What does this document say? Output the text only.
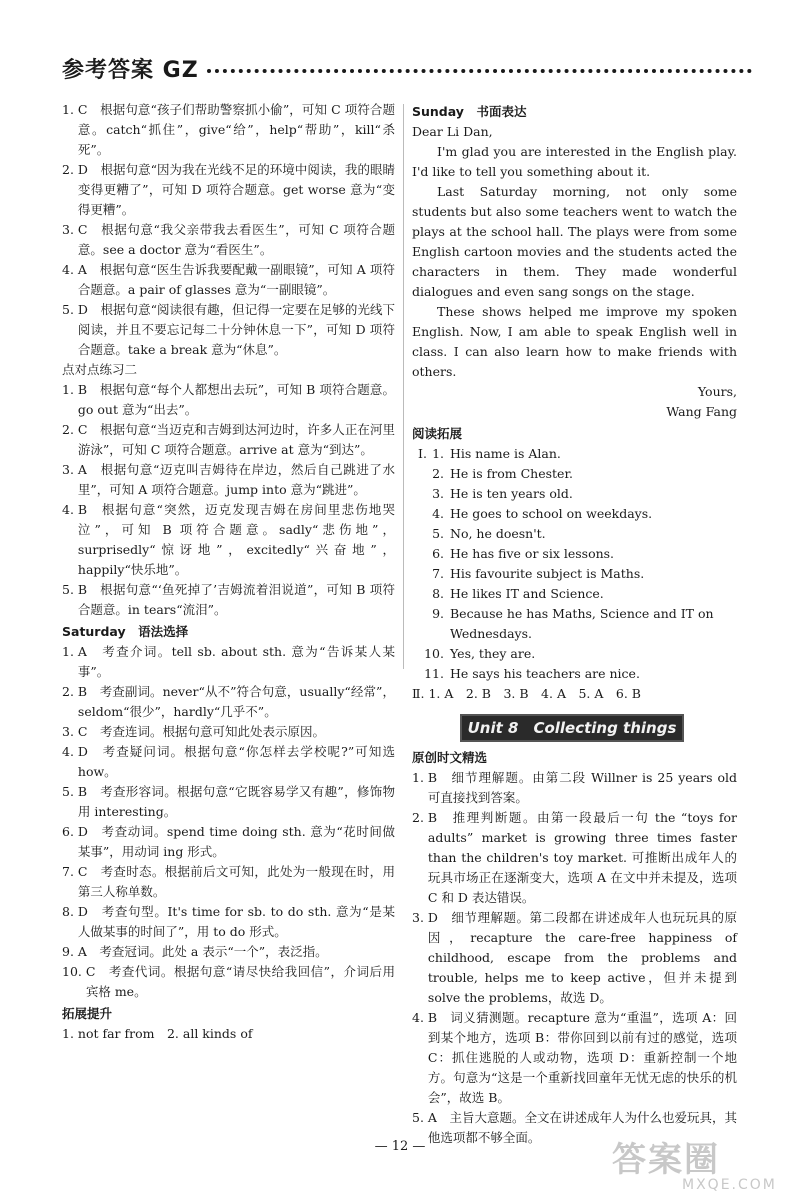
参考答案 GZ
1. C　根据句意“孩子们帮助警察抓小偷”，可知 C 项符合题意。catch“抓住”，give“给”，help“帮助”，kill“杀死”。
2. D　根据句意“因为我在光线不足的环境中阅读，我的眼睛变得更糟了”，可知 D 项符合题意。get worse 意为“变得更糟”。
3. C　根据句意“我父亲带我去看医生”，可知 C 项符合题意。see a doctor 意为“看医生”。
4. A　根据句意“医生告诉我要配戴一副眼镜”，可知 A 项符合题意。a pair of glasses 意为“一副眼镜”。
5. D　根据句意“阅读很有趣，但记得一定要在足够的光线下阅读，并且不要忘记每二十分钟休息一下”，可知 D 项符合题意。take a break 意为“休息”。

点对点练习二

1. B　根据句意“每个人都想出去玩”，可知 B 项符合题意。go out 意为“出去”。
2. C　根据句意“当迈克和吉姆到达河边时，许多人正在河里游泳”，可知 C 项符合题意。arrive at 意为“到达”。
3. A　根据句意“迈克叫吉姆待在岸边，然后自己跳进了水里”，可知 A 项符合题意。jump into 意为“跳进”。
4. B　根据句意“突然，迈克发现吉姆在房间里悲伤地哭泣”，可知 B 项符合题意。sadly“悲伤地”，surprisedly“惊讶地”，excitedly“兴奋地”，happily“快乐地”。
5. B　根据句意“‘鱼死掉了’吉姆流着泪说道”，可知 B 项符合题意。in tears“流泪”。

Saturday　语法选择

1. A　考查介词。tell sb. about sth. 意为“告诉某人某事”。
2. B　考查副词。never“从不”符合句意，usually“经常”，seldom“很少”，hardly“几乎不”。
3. C　考查连词。根据句意可知此处表示原因。
4. D　考查疑问词。根据句意“你怎样去学校呢?”可知选 how。
5. B　考查形容词。根据句意“它既容易学又有趣”，修饰物用 interesting。
6. D　考查动词。spend time doing sth. 意为“花时间做某事”，用动词 ing 形式。
7. C　考查时态。根据前后文可知，此处为一般现在时，用第三人称单数。
8. D　考查句型。It's time for sb. to do sth. 意为“是某人做某事的时间了”，用 to do 形式。
9. A　考查冠词。此处 a 表示“一个”，表泛指。
10. C　考查代词。根据句意“请尽快给我回信”，介词后用宾格 me。

拓展提升

1. not far from　2. all kinds of

Sunday　书面表达

Dear Li Dan,

I'm glad you are interested in the English play. I'd like to tell you something about it.

Last Saturday morning, not only some students but also some teachers went to watch the plays at the school hall. The plays were from some English cartoon movies and the students acted the characters in them. They made wonderful dialogues and even sang songs on the stage.

These shows helped me improve my spoken English. Now, I am able to speak English well in class. I can also learn how to make friends with others.

Yours,

Wang Fang

阅读拓展

Ⅰ. 1. His name is Alan.
2. He is from Chester.
3. He is ten years old.
4. He goes to school on weekdays.
5. No, he doesn't.
6. He has five or six lessons.
7. His favourite subject is Maths.
8. He likes IT and Science.
9. Because he has Maths, Science and IT on Wednesdays.
10. Yes, they are.
11. He says his teachers are nice.

Ⅱ. 1. A　2. B　3. B　4. A　5. A　6. B

Unit 8　Collecting things

原创时文精选

1. B　细节理解题。由第二段 Willner is 25 years old 可直接找到答案。
2. B　推理判断题。由第一段最后一句 the “toys for adults” market is growing three times faster than the children's toy market. 可推断出成年人的玩具市场正在逐渐变大，选项 A 在文中并未提及，选项 C 和 D 表达错误。
3. D　细节理解题。第二段都在讲述成年人也玩玩具的原因，recapture the care-free happiness of childhood, escape from the problems and trouble, helps me to keep active，但并未提到 solve the problems，故选 D。
4. B　词义猜测题。recapture 意为“重温”，选项 A：回到某个地方，选项 B：带你回到以前有过的感觉，选项 C：抓住逃脱的人或动物，选项 D：重新控制一个地方。句意为“这是一个重新找回童年无忧无虑的快乐的机会”，故选 B。
5. A　主旨大意题。全文在讲述成年人为什么也爱玩具，其他选项都不够全面。
— 12 —	答案圈
MXQE.COM
